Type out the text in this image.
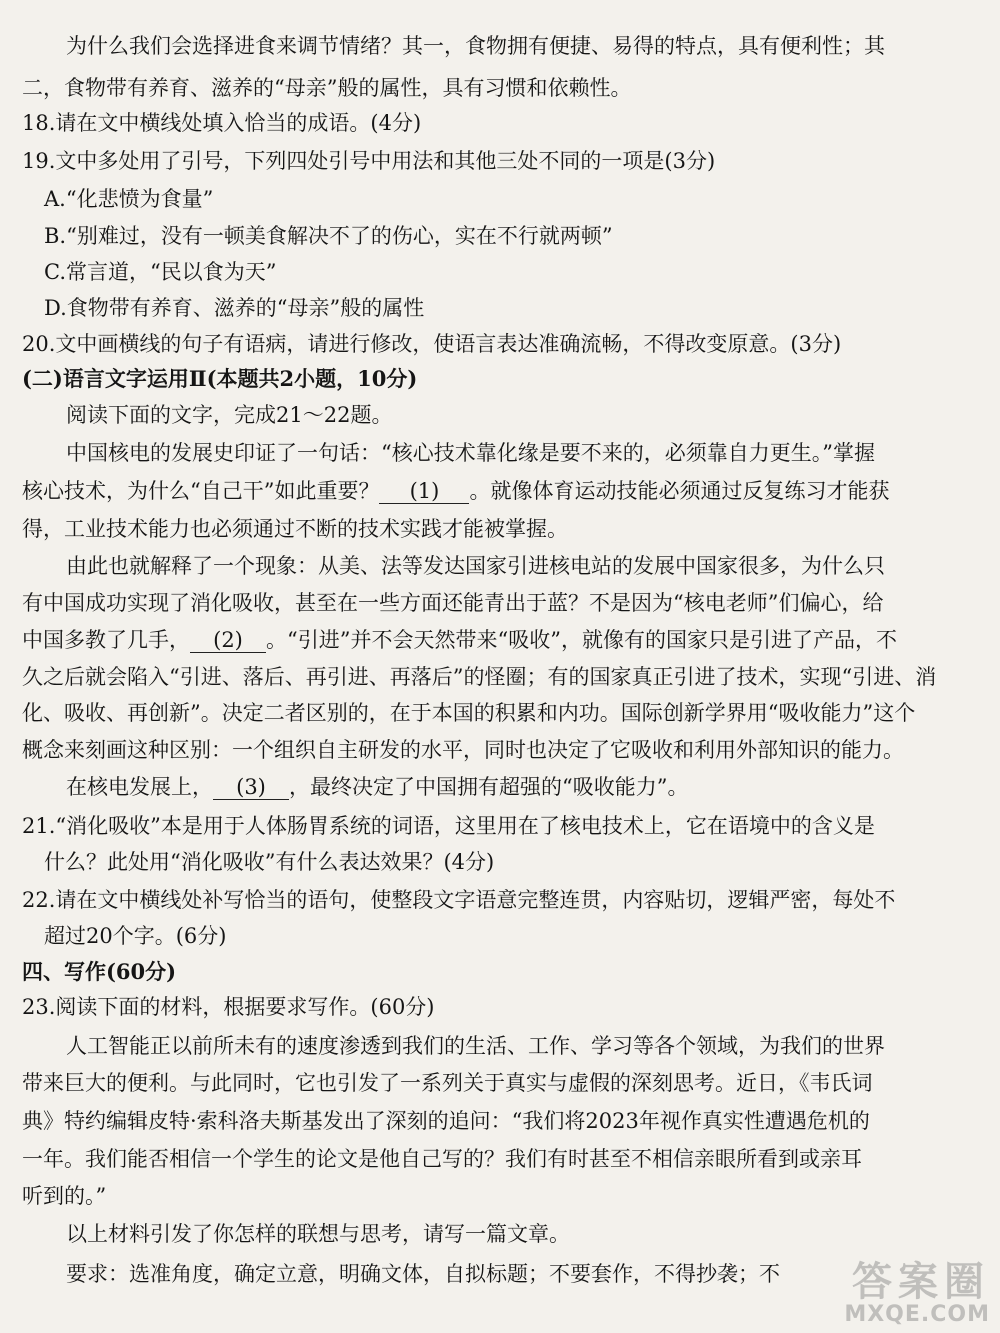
为什么我们会选择进食来调节情绪？其一，食物拥有便捷、易得的特点，具有便利性；其
二，食物带有养育、滋养的“母亲”般的属性，具有习惯和依赖性。
18.请在文中横线处填入恰当的成语。(4分)
19.文中多处用了引号，下列四处引号中用法和其他三处不同的一项是(3分)
A.“化悲愤为食量”
B.“别难过，没有一顿美食解决不了的伤心，实在不行就两顿”
C.常言道，“民以食为天”
D.食物带有养育、滋养的“母亲”般的属性
20.文中画横线的句子有语病，请进行修改，使语言表达准确流畅，不得改变原意。(3分)
(二)语言文字运用Ⅱ(本题共2小题，10分)
阅读下面的文字，完成21～22题。
中国核电的发展史印证了一句话：“核心技术靠化缘是要不来的，必须靠自力更生。”掌握
核心技术，为什么“自己干”如此重要？ (1) 。就像体育运动技能必须通过反复练习才能获
得，工业技术能力也必须通过不断的技术实践才能被掌握。
由此也就解释了一个现象：从美、法等发达国家引进核电站的发展中国家很多，为什么只
有中国成功实现了消化吸收，甚至在一些方面还能青出于蓝？不是因为“核电老师”们偏心，给
中国多教了几手， (2) 。“引进”并不会天然带来“吸收”，就像有的国家只是引进了产品，不
久之后就会陷入“引进、落后、再引进、再落后”的怪圈；有的国家真正引进了技术，实现“引进、消
化、吸收、再创新”。决定二者区别的，在于本国的积累和内功。国际创新学界用“吸收能力”这个
概念来刻画这种区别：一个组织自主研发的水平，同时也决定了它吸收和利用外部知识的能力。
在核电发展上， (3) ，最终决定了中国拥有超强的“吸收能力”。
21.“消化吸收”本是用于人体肠胃系统的词语，这里用在了核电技术上，它在语境中的含义是
什么？此处用“消化吸收”有什么表达效果？(4分)
22.请在文中横线处补写恰当的语句，使整段文字语意完整连贯，内容贴切，逻辑严密，每处不
超过20个字。(6分)
四、写作(60分)
23.阅读下面的材料，根据要求写作。(60分)
人工智能正以前所未有的速度渗透到我们的生活、工作、学习等各个领域，为我们的世界
带来巨大的便利。与此同时，它也引发了一系列关于真实与虚假的深刻思考。近日，《韦氏词
典》特约编辑皮特·索科洛夫斯基发出了深刻的追问：“我们将2023年视作真实性遭遇危机的
一年。我们能否相信一个学生的论文是他自己写的？我们有时甚至不相信亲眼所看到或亲耳
听到的。”
以上材料引发了你怎样的联想与思考，请写一篇文章。
要求：选准角度，确定立意，明确文体，自拟标题；不要套作，不得抄袭；不	答案圈
MXQE.COM
